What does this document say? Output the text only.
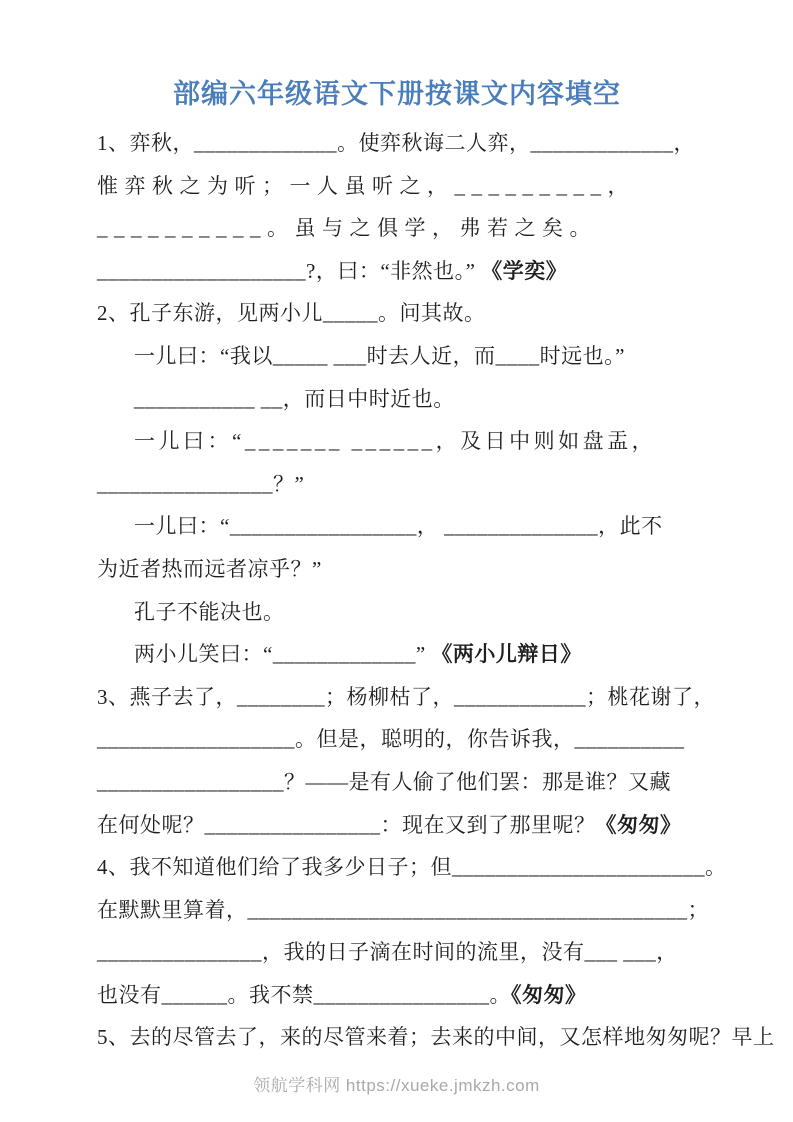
部编六年级语文下册按课文内容填空
1、弈秋，_____________。使弈秋诲二人弈，_____________，
惟弈秋之为听；一人虽听之，_________，
__________。虽与之俱学，弗若之矣。
___________________?，曰：“非然也。” 《学奕》
2、孔子东游，见两小儿_____。问其故。
一儿曰：“我以_____ ___时去人近，而____时远也。”
___________ __，而日中时近也。
一儿曰：“_______ ______，及日中则如盘盂，
________________？”
一儿曰：“_________________， ______________，此不
为近者热而远者凉乎？”
孔子不能决也。
两小儿笑曰：“_____________” 《两小儿辩日》
3、燕子去了，________；杨柳枯了，____________；桃花谢了，
__________________。但是，聪明的，你告诉我，__________
_________________？——是有人偷了他们罢：那是谁？又藏
在何处呢？________________：现在又到了那里呢？《匆匆》
4、我不知道他们给了我多少日子；但_______________________。
在默默里算着，________________________________________；
_______________，我的日子滴在时间的流里，没有___ ___，
也没有______。我不禁________________。《匆匆》
5、去的尽管去了，来的尽管来着；去来的中间，又怎样地匆匆呢？早上
领航学科网 https://xueke.jmkzh.com
